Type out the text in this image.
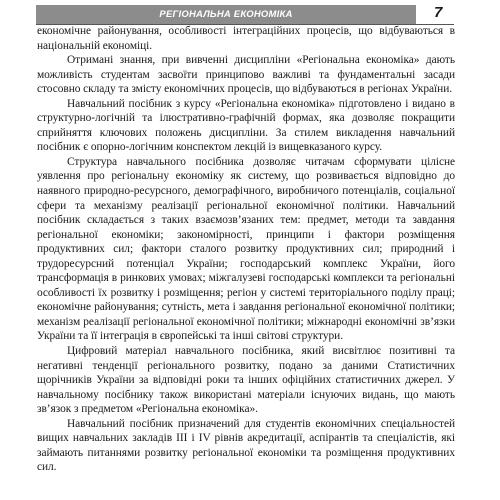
РЕГІОНАЛЬНА ЕКОНОМІКА	7

економічне районування, особливості інтеграційних процесів, що відбуваються в національній економіці.

Отримані знання, при вивченні дисципліни «Регіональна економіка» дають можливість студентам засвоїти принципово важливі та фундаментальні засади стосовно складу та змісту економічних процесів, що відбуваються в регіонах України.

Навчальний посібник з курсу «Регіональна економіка» підготовлено і видано в структурно-логічній та ілюстративно-графічній формах, яка дозволяє покращити сприйняття ключових положень дисципліни. За стилем викладення навчальний посібник є опорно-логічним конспектом лекцій із вищевказаного курсу.

Структура навчального посібника дозволяє читачам сформувати цілісне уявлення про регіональну економіку як систему, що розвивається відповідно до наявного природно-ресурсного, демографічного, виробничого потенціалів, соціальної сфери та механізму реалізації регіональної економічної політики. Навчальний посібник складається з таких взаємозв’язаних тем: предмет, методи та завдання регіональної економіки; закономірності, принципи і фактори розміщення продуктивних сил; фактори сталого розвитку продуктивних сил; природний і трудоресурсний потенціал України; господарський комплекс України, його трансформація в ринкових умовах; міжгалузеві господарські комплекси та регіональні особливості їх розвитку і розміщення; регіон у системі територіального поділу праці; економічне районування; сутність, мета і завдання регіональної економічної політики; механізм реалізації регіональної економічної політики; міжнародні економічні зв’язки України та її інтеграція в європейські та інші світові структури.

Цифровий матеріал навчального посібника, який висвітлює позитивні та негативні тенденції регіонального розвитку, подано за даними Статистичних щорічників України за відповідні роки та інших офіційних статистичних джерел. У навчальному посібнику також використані матеріали існуючих видань, що мають зв’язок з предметом «Регіональна економіка».

Навчальний посібник призначений для студентів економічних спеціальностей вищих навчальних закладів ІІІ і IV рівнів акредитації, аспірантів та спеціалістів, які займають питаннями розвитку регіональної економіки та розміщення продуктивних сил.
